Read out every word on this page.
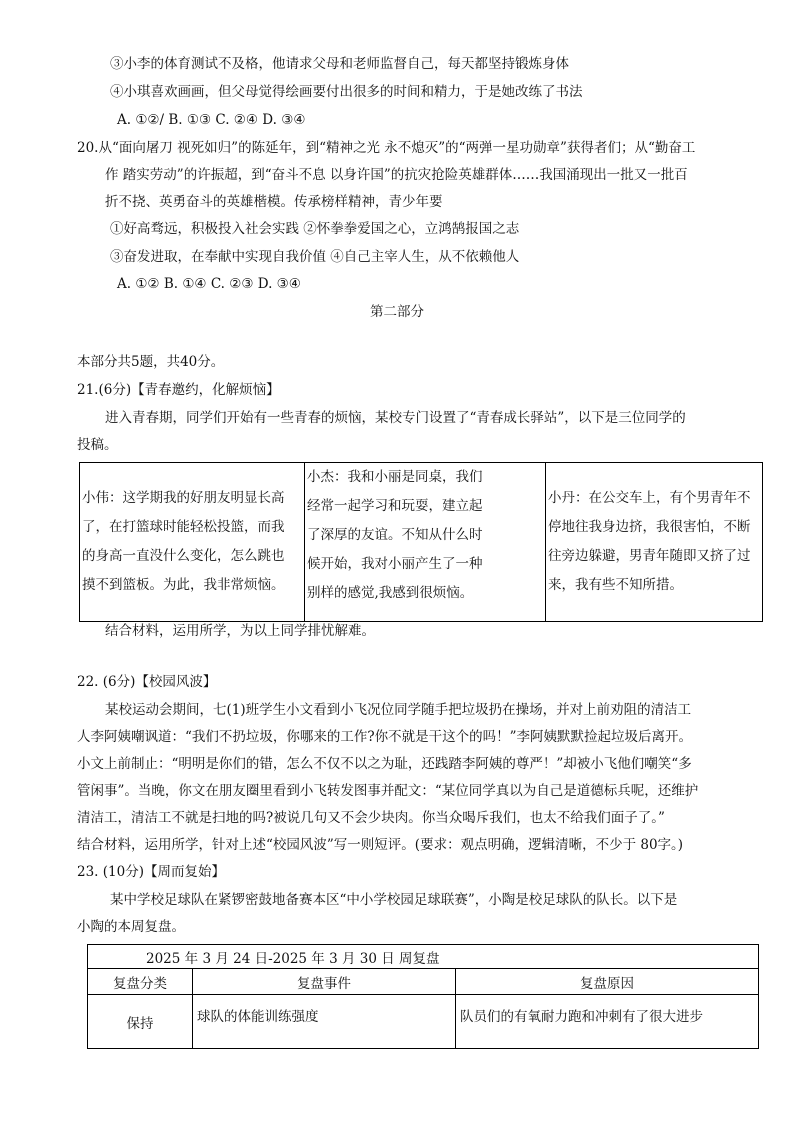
③小李的体育测试不及格，他请求父母和老师监督自己，每天都坚持锻炼身体
④小琪喜欢画画，但父母觉得绘画要付出很多的时间和精力，于是她改练了书法
A. ①②/ B. ①③ C. ②④ D. ③④
20.从“面向屠刀 视死如归”的陈延年，到“精神之光 永不熄灭”的“两弹一星功勋章”获得者们；从“勤奋工
作 踏实劳动”的许振超，到“奋斗不息 以身许国”的抗灾抢险英雄群体……我国涌现出一批又一批百
折不挠、英勇奋斗的英雄楷模。传承榜样精神，青少年要
①好高骛远，积极投入社会实践 ②怀拳拳爱国之心，立鸿鹄报国之志
③奋发进取，在奉献中实现自我价值 ④自己主宰人生，从不依赖他人
A. ①② B. ①④ C. ②③ D. ③④
第二部分
本部分共5题，共40分。
21.(6分)【青春邀约，化解烦恼】
进入青春期，同学们开始有一些青春的烦恼，某校专门设置了“青春成长驿站”，以下是三位同学的
投稿。
小伟：这学期我的好朋友明显长高
了，在打篮球时能轻松投篮，而我
的身高一直没什么变化，怎么跳也
摸不到篮板。为此，我非常烦恼。

小杰：我和小丽是同桌，我们
经常一起学习和玩耍，建立起
了深厚的友谊。不知从什么时
候开始，我对小丽产生了一种
别样的感觉,我感到很烦恼。

小丹：在公交车上，有个男青年不
停地往我身边挤，我很害怕，不断
往旁边躲避，男青年随即又挤了过
来，我有些不知所措。
结合材料，运用所学，为以上同学排忧解难。
22. (6分)【校园风波】
某校运动会期间，七(1)班学生小文看到小飞况位同学随手把垃圾扔在操场，并对上前劝阻的清洁工
人李阿姨嘲讽道：“我们不扔垃圾，你哪来的工作?你不就是干这个的吗！”李阿姨默默捡起垃圾后离开。
小文上前制止：“明明是你们的错，怎么不仅不以之为耻，还践踏李阿姨的尊严！”却被小飞他们嘲笑“多
管闲事”。当晚，你文在朋友圈里看到小飞转发图事并配文：“某位同学真以为自己是道德标兵呢，还维护
清洁工，清洁工不就是扫地的吗?被说几句又不会少块肉。你当众喝斥我们，也太不给我们面子了。”
结合材料，运用所学，针对上述“校园风波”写一则短评。(要求：观点明确，逻辑清晰，不少于 80字。)
23. (10分)【周而复始】
某中学校足球队在紧锣密鼓地备赛本区“中小学校园足球联赛”，小陶是校足球队的队长。以下是
小陶的本周复盘。
2025 年 3 月 24 日-2025 年 3 月 30 日 周复盘		
复盘分类	复盘事件	复盘原因
保持	球队的体能训练强度	队员们的有氧耐力跑和冲刺有了很大进步
